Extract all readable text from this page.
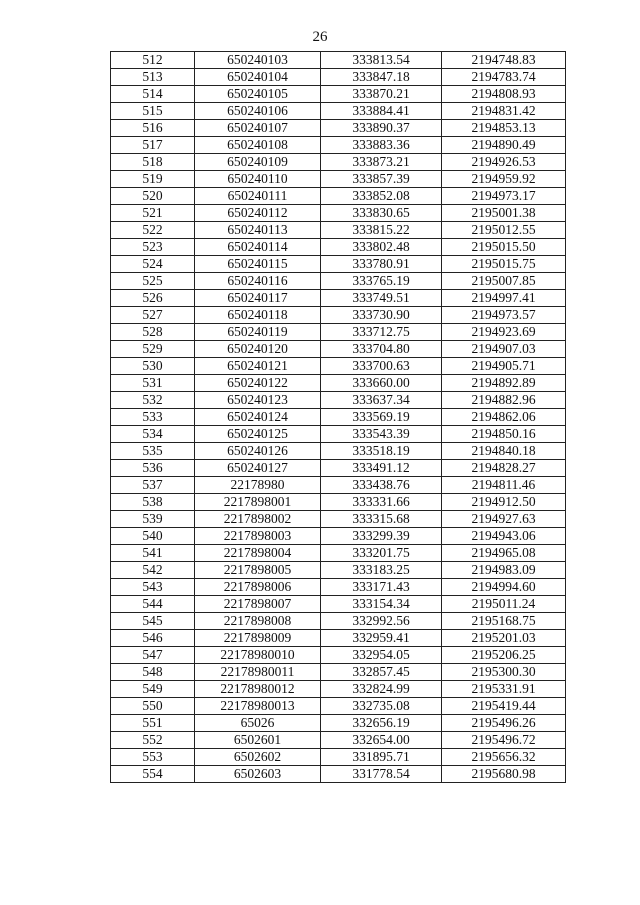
26
512	650240103	333813.54	2194748.83
513	650240104	333847.18	2194783.74
514	650240105	333870.21	2194808.93
515	650240106	333884.41	2194831.42
516	650240107	333890.37	2194853.13
517	650240108	333883.36	2194890.49
518	650240109	333873.21	2194926.53
519	650240110	333857.39	2194959.92
520	650240111	333852.08	2194973.17
521	650240112	333830.65	2195001.38
522	650240113	333815.22	2195012.55
523	650240114	333802.48	2195015.50
524	650240115	333780.91	2195015.75
525	650240116	333765.19	2195007.85
526	650240117	333749.51	2194997.41
527	650240118	333730.90	2194973.57
528	650240119	333712.75	2194923.69
529	650240120	333704.80	2194907.03
530	650240121	333700.63	2194905.71
531	650240122	333660.00	2194892.89
532	650240123	333637.34	2194882.96
533	650240124	333569.19	2194862.06
534	650240125	333543.39	2194850.16
535	650240126	333518.19	2194840.18
536	650240127	333491.12	2194828.27
537	22178980	333438.76	2194811.46
538	2217898001	333331.66	2194912.50
539	2217898002	333315.68	2194927.63
540	2217898003	333299.39	2194943.06
541	2217898004	333201.75	2194965.08
542	2217898005	333183.25	2194983.09
543	2217898006	333171.43	2194994.60
544	2217898007	333154.34	2195011.24
545	2217898008	332992.56	2195168.75
546	2217898009	332959.41	2195201.03
547	22178980010	332954.05	2195206.25
548	22178980011	332857.45	2195300.30
549	22178980012	332824.99	2195331.91
550	22178980013	332735.08	2195419.44
551	65026	332656.19	2195496.26
552	6502601	332654.00	2195496.72
553	6502602	331895.71	2195656.32
554	6502603	331778.54	2195680.98
